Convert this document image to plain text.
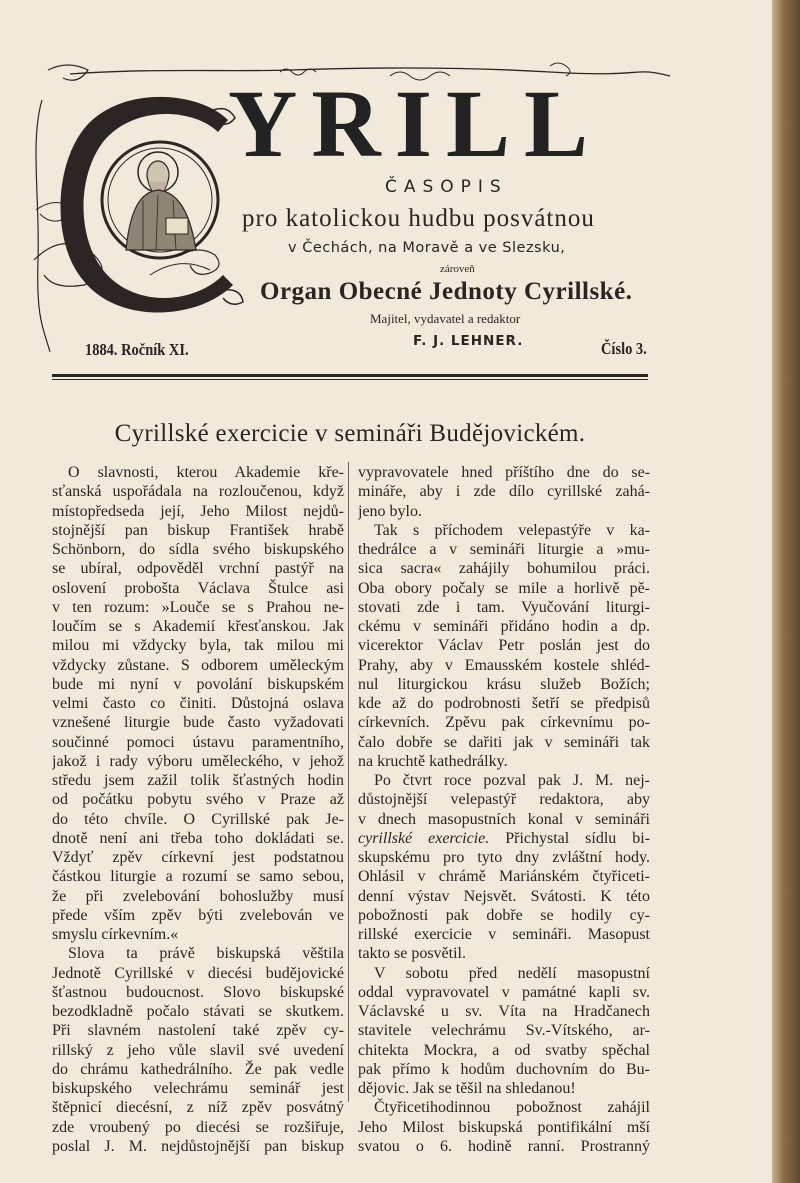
YRILL
ČASOPIS
pro katolickou hudbu posvátnou
v Čechách, na Moravě a ve Slezsku,
zároveň
Organ Obecné Jednoty Cyrillské.
Majitel, vydavatel a redaktor
1884. Ročník XI.	F. J. LEHNER.	Číslo 3.
Cyrillské exercicie v semináři Budějovickém.
O slavnosti, kterou Akademie kře-
sťanská uspořádala na rozloučenou, když
místopředseda její, Jeho Milost nejdů-
stojnější pan biskup František hrabě
Schönborn, do sídla svého biskupského
se ubíral, odpověděl vrchní pastýř na
oslovení proboštа Václava Štulce asi
v ten rozum: »Louče se s Prahou ne-
loučím se s Akademií křesťanskou. Jak
milou mi vždycky byla, tak milou mi
vždycky zůstane. S odborem uměleckým
bude mi nyní v povolání biskupském
velmi často co činiti. Důstojná oslava
vznešené liturgie bude často vyžadovati
součinné pomoci ústavu paramentního,
jakož i rady výboru uměleckého, v jehož
středu jsem zažil tolik šťastných hodin
od počátku pobytu svého v Praze až
do této chvíle. O Cyrillské pak Je-
dnotě není ani třeba toho dokládati se.
Vždyť zpěv církevní jest podstatnou
částkou liturgie a rozumí se samo sebou,
že při zvelebování bohoslužby musí
přede vším zpěv býti zvelebován ve
smyslu církevním.«
Slova ta právě biskupská věštila
Jednotě Cyrillské v diecési budějovické
šťastnou budoucnost. Slovo biskupské
bezodkladně počalo stávati se skutkem.
Při slavném nastolení také zpěv cy-
rillský z jeho vůle slavil své uvedení
do chrámu kathedrálního. Že pak vedle
biskupského velechrámu seminář jest
štěpnicí diecésní, z níž zpěv posvátný
zde vroubený po diecési se rozšiřuje,
poslal J. M. nejdůstojnější pan biskup
vypravovatele hned příštího dne do se-
mináře, aby i zde dílo cyrillské zahá-
jeno bylo.
Tak s příchodem velepastýře v ka-
thedrálce a v semináři liturgie a »mu-
sica sacra« zahájily bohumilou práci.
Oba obory počaly se mile a horlivě pě-
stovati zde i tam. Vyučování liturgi-
ckému v semináři přidáno hodin a dp.
vicerektor Václav Petr poslán jest do
Prahy, aby v Emausském kostele shléd-
nul liturgickou krásu služeb Božích;
kde až do podrobnosti šetří se předpisů
církevních. Zpěvu pak církevnímu po-
čalo dobře se dařiti jak v semináři tak
na kruchtě kathedrálky.
Po čtvrt roce pozval pak J. M. nej-
důstojnější velepastýř redaktora, aby
v dnech masopustních konal v semináři
cyrillské exercicie. Přichystal sídlu bi-
skupskému pro tyto dny zvláštní hody.
Ohlásil v chrámě Mariánském čtyřiceti-
denní výstav Nejsvět. Svátosti. K této
pobožnosti pak dobře se hodily cy-
rillské exercicie v semináři. Masopust
takto se posvětil.
V sobotu před nedělí masopustní
oddal vypravovatel v památné kapli sv.
Václavské u sv. Víta na Hradčanech
stavitele velechrámu Sv.-Vítského, ar-
chitekta Mockra, a od svatby spěchal
pak přímo k hodům duchovním do Bu-
dějovic. Jak se těšil na shledanou!
Čtyřicetihodinnou pobožnost zahájil
Jeho Milost biskupská pontifikální mší
svatou o 6. hodině ranní. Prostranný
